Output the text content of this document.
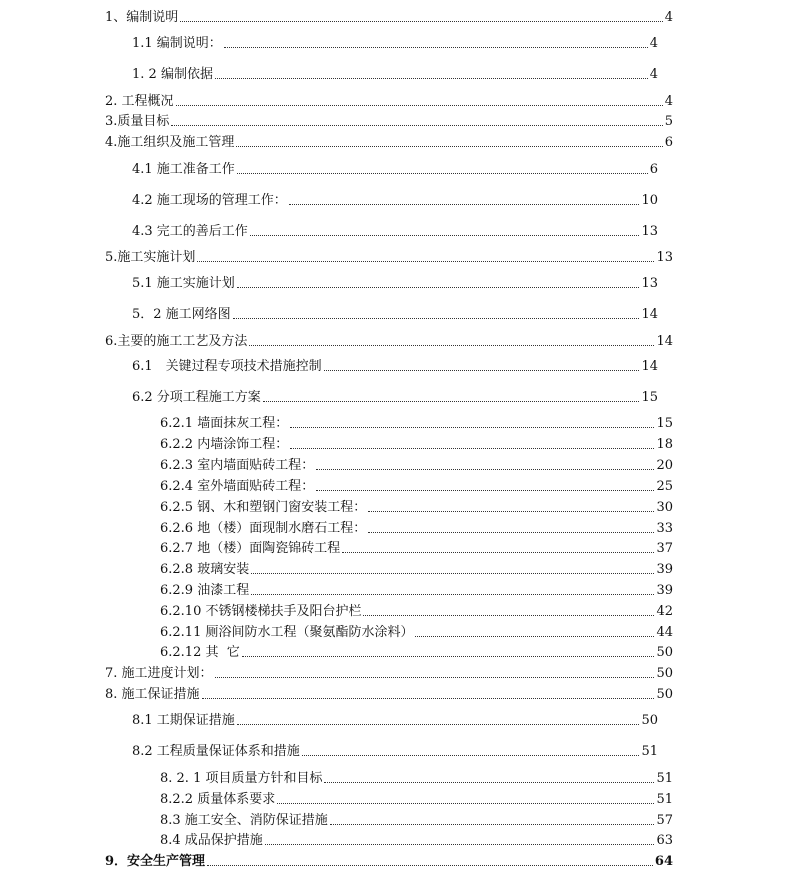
1、编制说明	4
1.1 编制说明：	4
1. 2 编制依据	4
2. 工程概况	4
3.质量目标	5
4.施工组织及施工管理	6
4.1 施工准备工作	6
4.2 施工现场的管理工作：	10
4.3 完工的善后工作	13
5.施工实施计划	13
5.1 施工实施计划	13
5．2 施工网络图	14
6.主要的施工工艺及方法	14
6.1　关键过程专项技术措施控制	14
6.2 分项工程施工方案	15
6.2.1 墙面抹灰工程：	15
6.2.2 内墙涂饰工程：	18
6.2.3 室内墙面贴砖工程：	20
6.2.4 室外墙面贴砖工程：	25
6.2.5 钢、木和塑钢门窗安装工程：	30
6.2.6 地（楼）面现制水磨石工程：	33
6.2.7 地（楼）面陶瓷锦砖工程	37
6.2.8 玻璃安装	39
6.2.9 油漆工程	39
6.2.10 不锈钢楼梯扶手及阳台护栏	42
6.2.11 厕浴间防水工程（聚氨酯防水涂料）	44
6.2.12 其  它	50
7. 施工进度计划：	50
8. 施工保证措施	50
8.1 工期保证措施	50
8.2 工程质量保证体系和措施	51
8. 2. 1 项目质量方针和目标	51
8.2.2 质量体系要求	51
8.3 施工安全、消防保证措施	57
8.4 成品保护措施	63
9．安全生产管理	64
